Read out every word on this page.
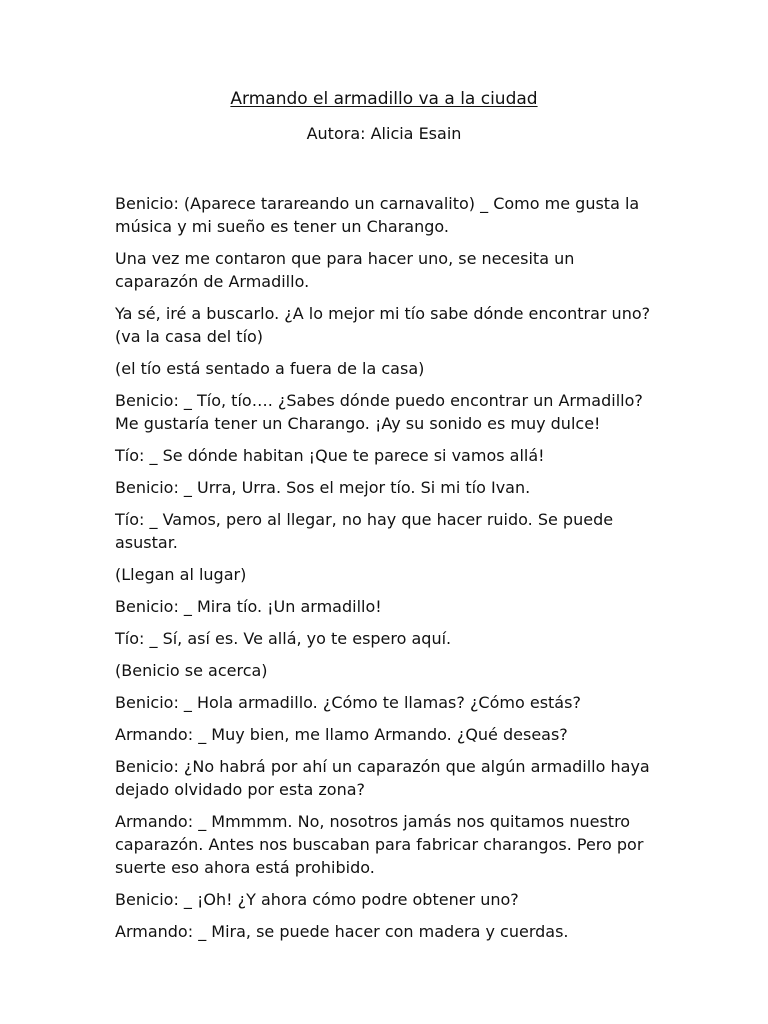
Armando el armadillo va a la ciudad

Autora: Alicia Esain

Benicio: (Aparece tarareando un carnavalito) _ Como me gusta la música y mi sueño es tener un Charango.

Una vez me contaron que para hacer uno, se necesita un caparazón de Armadillo.

Ya sé, iré a buscarlo. ¿A lo mejor mi tío sabe dónde encontrar uno? (va la casa del tío)

(el tío está sentado a fuera de la casa)

Benicio: _ Tío, tío…. ¿Sabes dónde puedo encontrar un Armadillo? Me gustaría tener un Charango. ¡Ay su sonido es muy dulce!

Tío: _ Se dónde habitan ¡Que te parece si vamos allá!

Benicio: _ Urra, Urra. Sos el mejor tío. Si mi tío Ivan.

Tío: _ Vamos, pero al llegar, no hay que hacer ruido. Se puede asustar.

(Llegan al lugar)

Benicio: _ Mira tío. ¡Un armadillo!

Tío: _ Sí, así es. Ve allá, yo te espero aquí.

(Benicio se acerca)

Benicio: _ Hola armadillo. ¿Cómo te llamas? ¿Cómo estás?

Armando: _ Muy bien, me llamo Armando. ¿Qué deseas?

Benicio: ¿No habrá por ahí un caparazón que algún armadillo haya dejado olvidado por esta zona?

Armando: _ Mmmmm. No, nosotros jamás nos quitamos nuestro caparazón. Antes nos buscaban para fabricar charangos. Pero por suerte eso ahora está prohibido.

Benicio: _ ¡Oh! ¿Y ahora cómo podre obtener uno?

Armando: _ Mira, se puede hacer con madera y cuerdas.
